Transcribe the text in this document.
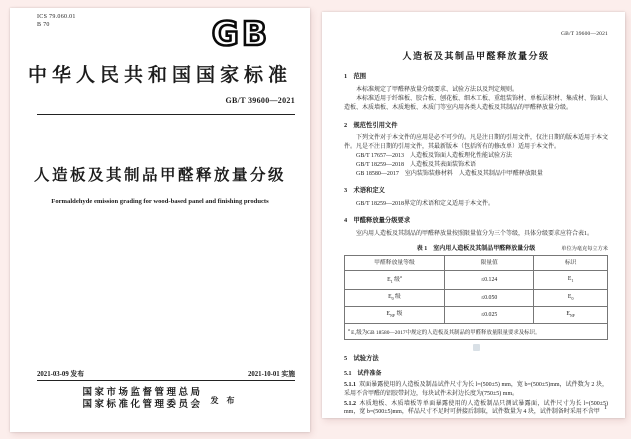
ICS 79.060.01
B 70	GB
中华人民共和国国家标准
GB/T 39600—2021
人造板及其制品甲醛释放量分级
Formaldehyde emission grading for wood-based panel and finishing products
2021-03-09 发布	2021-10-01 实施
国家市场监督管理总局
国家标准化管理委员会 发 布
GB/T 39600—2021
人造板及其制品甲醛释放量分级
1　范围

本标准规定了甲醛释放量分级要求、试验方法以及判定规则。

本标准适用于纤维板、胶合板、刨花板、细木工板、重组装饰材、单板层积材、集成材、饰面人造板、木质墙板、木质地板、木质门等室内用各类人造板及其制品的甲醛释放量分级。

2　规范性引用文件

下列文件对于本文件的应用是必不可少的。凡是注日期的引用文件，仅注日期的版本适用于本文件。凡是不注日期的引用文件，其最新版本（包括所有的修改单）适用于本文件。

GB/T 17657—2013　人造板及饰面人造板理化性能试验方法
GB/T 18259—2018　人造板及其表面装饰术语
GB 18580—2017　室内装饰装修材料　人造板及其制品中甲醛释放限量
3　术语和定义

GB/T 18259—2018界定的术语和定义适用于本文件。

4　甲醛释放量分级要求

室内用人造板及其制品的甲醛释放量按照限量值分为三个等级，具体分级要求应符合表1。

表 1　室内用人造板及其制品甲醛释放量分级	单位为毫克每立方米
甲醛释放量等级	限量值	标识
$E_1$ 级$^a$	≤0.124	$E_1$
$E_0$ 级	≤0.050	$E_0$
$E_{NF}$ 级	≤0.025	$E_{NF}$
$^a$ E₁级为GB 18580—2017中规定的人造板及其制品的甲醛释放量限量要求及标识。		
5　试验方法
5.1　试件准备

5.1.1 双面暴露使用的人造板及制品试件尺寸为长 l=(500±5) mm，宽 b=(500±5)mm，试件数为 2 块，采用不含甲醛的铝胶带封边，每块试件未封边长度为(750±5) mm。

5.1.2 木质地板、木质墙板等单面暴露使用的人造板制品只测试暴露面，试件尺寸为长 l=(500±5) mm，宽 b=(500±5)mm，样品尺寸不足时可拼接后制取，试件数量为 4 块，试件制备时采用不含甲

1
